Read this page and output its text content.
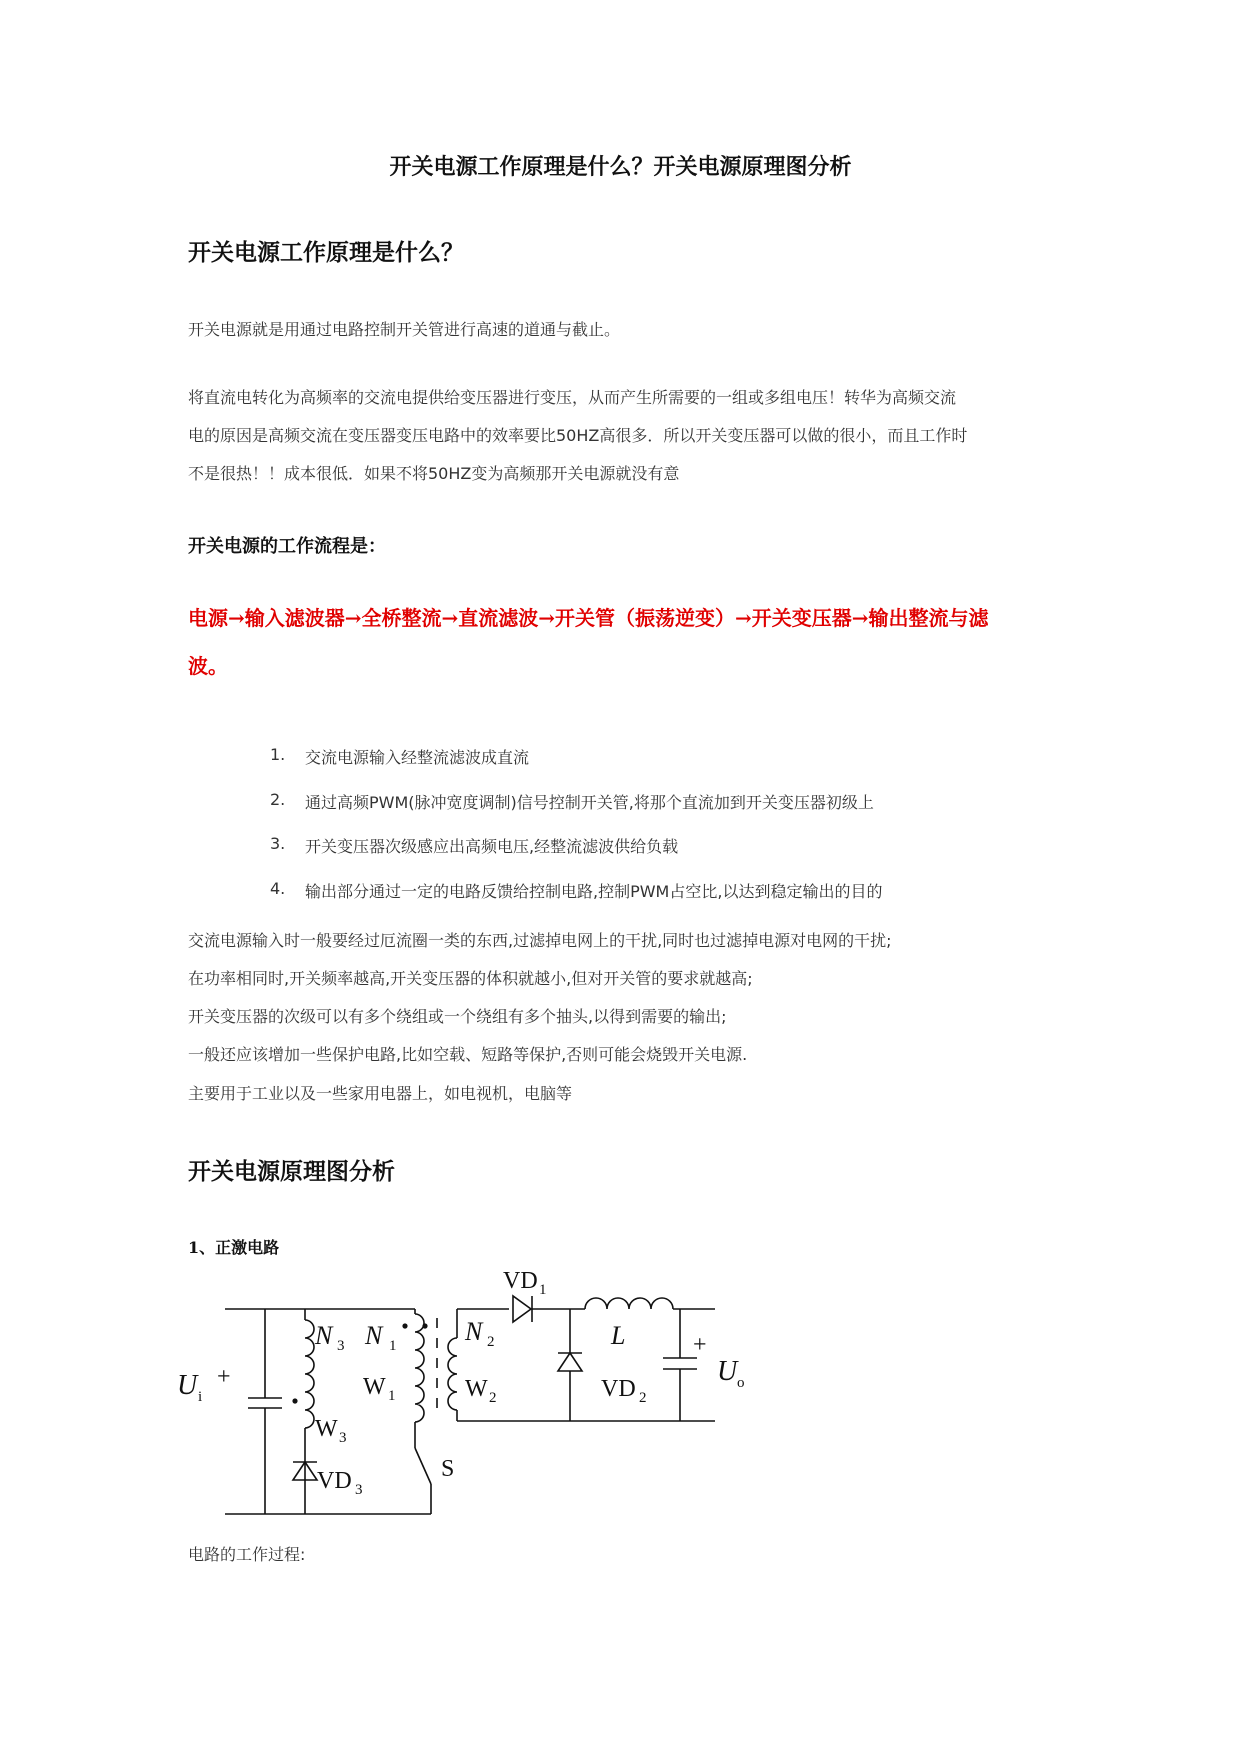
开关电源工作原理是什么？开关电源原理图分析
开关电源工作原理是什么？
开关电源就是用通过电路控制开关管进行高速的道通与截止。
将直流电转化为高频率的交流电提供给变压器进行变压，从而产生所需要的一组或多组电压！转华为高频交流
电的原因是高频交流在变压器变压电路中的效率要比50HZ高很多．所以开关变压器可以做的很小，而且工作时
不是很热！！成本很低．如果不将50HZ变为高频那开关电源就没有意
开关电源的工作流程是：
电源→输入滤波器→全桥整流→直流滤波→开关管（振荡逆变）→开关变压器→输出整流与滤
波。
1. 交流电源输入经整流滤波成直流
2. 通过高频PWM(脉冲宽度调制)信号控制开关管,将那个直流加到开关变压器初级上
3. 开关变压器次级感应出高频电压,经整流滤波供给负载
4. 输出部分通过一定的电路反馈给控制电路,控制PWM占空比,以达到稳定输出的目的
交流电源输入时一般要经过厄流圈一类的东西,过滤掉电网上的干扰,同时也过滤掉电源对电网的干扰;
在功率相同时,开关频率越高,开关变压器的体积就越小,但对开关管的要求就越高;
开关变压器的次级可以有多个绕组或一个绕组有多个抽头,以得到需要的输出;
一般还应该增加一些保护电路,比如空载、短路等保护,否则可能会烧毁开关电源.
主要用于工业以及一些家用电器上，如电视机，电脑等
开关电源原理图分析
1、正激电路
U i
+
N 3 N 1
W 1
W 3
VD 3
S
N 2
W 2
VD 1
L
VD 2
+
U o
电路的工作过程:
